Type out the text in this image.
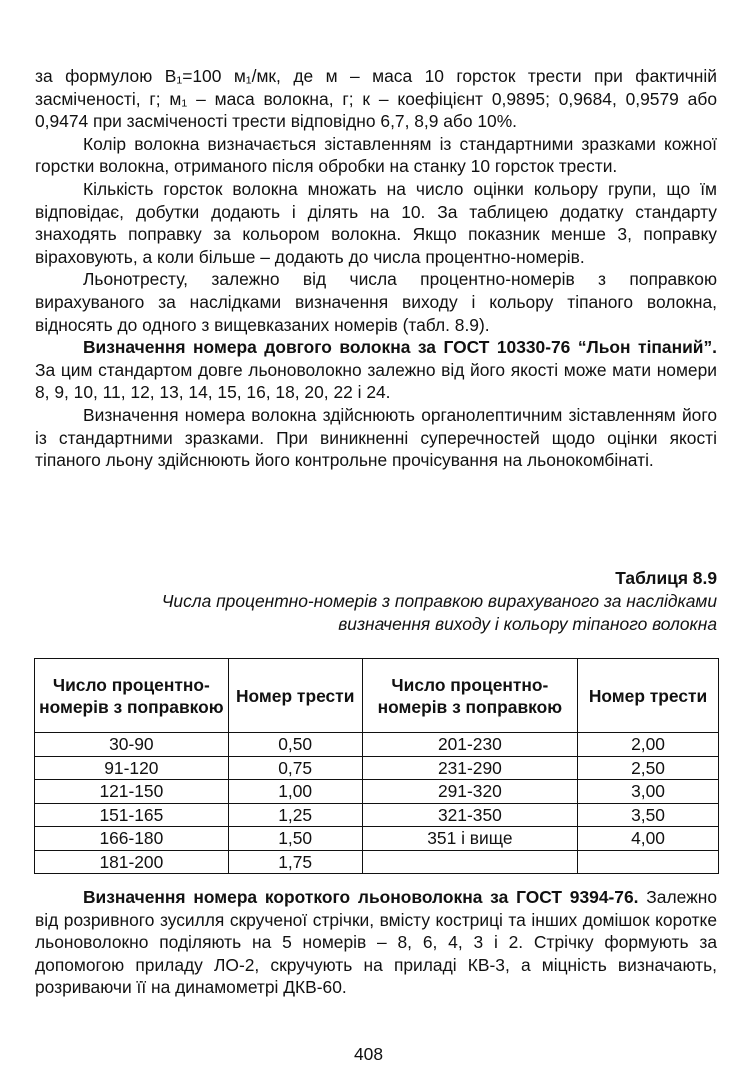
за формулою В₁=100 м₁/мк, де м – маса 10 горсток трести при фактичній засміченості, г; м₁ – маса волокна, г; к – коефіцієнт 0,9895; 0,9684, 0,9579 або 0,9474 при засміченості трести відповідно 6,7, 8,9 або 10%.

Колір волокна визначається зіставленням із стандартними зразками кожної горстки волокна, отриманого після обробки на станку 10 горсток трести.

Кількість горсток волокна множать на число оцінки кольору групи, що їм відповідає, добутки додають і ділять на 10. За таблицею додатку стандарту знаходять поправку за кольором волокна. Якщо показник менше 3, поправку віраховують, а коли більше – додають до числа процентно-номерів.

Льонотресту, залежно від числа процентно-номерів з поправкою вирахуваного за наслідками визначення виходу і кольору тіпаного волокна, відносять до одного з вищевказаних номерів (табл. 8.9).

Визначення номера довгого волокна за ГОСТ 10330-76 “Льон тіпаний”. За цим стандартом довге льоноволокно залежно від його якості може мати номери 8, 9, 10, 11, 12, 13, 14, 15, 16, 18, 20, 22 і 24.

Визначення номера волокна здійснюють органолептичним зіставленням його із стандартними зразками. При виникненні суперечностей щодо оцінки якості тіпаного льону здійснюють його контрольне прочісування на льонокомбінаті.

Таблиця 8.9
Числа процентно-номерів з поправкою вирахуваного за наслідками
визначення виходу і кольору тіпаного волокна
Число процентно-номерів з поправкою	Номер трести	Число процентно-номерів з поправкою	Номер трести
30-90	0,50	201-230	2,00
91-120	0,75	231-290	2,50
121-150	1,00	291-320	3,00
151-165	1,25	321-350	3,50
166-180	1,50	351 і вище	4,00
181-200	1,75		

Визначення номера короткого льоноволокна за ГОСТ 9394-76. Залежно від розривного зусилля скрученої стрічки, вмісту кострицi та інших домішок коротке льоноволокно поділяють на 5 номерів – 8, 6, 4, 3 і 2. Стрічку формують за допомогою приладу ЛО-2, скручують на приладі КВ-3, а міцність визначають, розриваючи її на динамометрі ДКВ-60.

408
